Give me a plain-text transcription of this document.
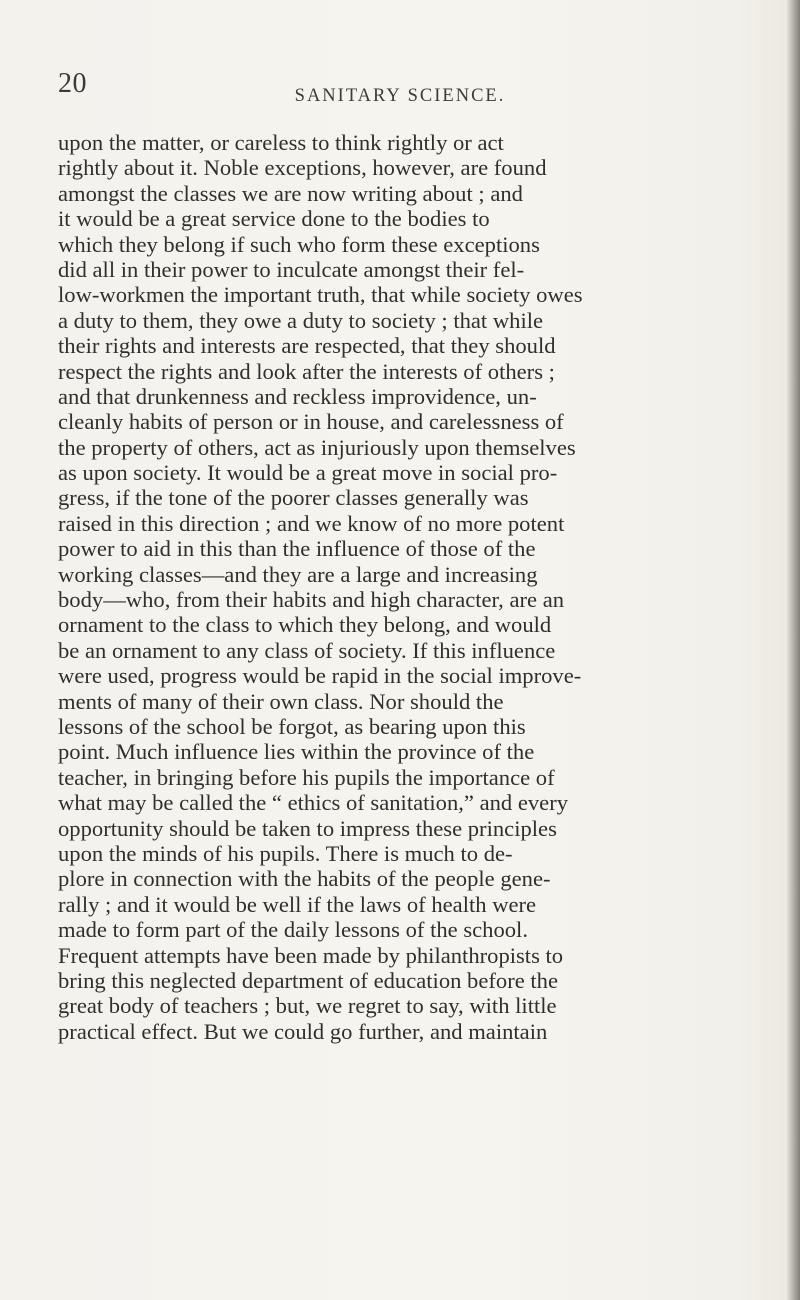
20	SANITARY SCIENCE.
upon the matter, or careless to think rightly or act
rightly about it. Noble exceptions, however, are found
amongst the classes we are now writing about ; and
it would be a great service done to the bodies to
which they belong if such who form these exceptions
did all in their power to inculcate amongst their fel-
low-workmen the important truth, that while society owes
a duty to them, they owe a duty to society ; that while
their rights and interests are respected, that they should
respect the rights and look after the interests of others ;
and that drunkenness and reckless improvidence, un-
cleanly habits of person or in house, and carelessness of
the property of others, act as injuriously upon themselves
as upon society. It would be a great move in social pro-
gress, if the tone of the poorer classes generally was
raised in this direction ; and we know of no more potent
power to aid in this than the influence of those of the
working classes—and they are a large and increasing
body—who, from their habits and high character, are an
ornament to the class to which they belong, and would
be an ornament to any class of society. If this influence
were used, progress would be rapid in the social improve-
ments of many of their own class. Nor should the
lessons of the school be forgot, as bearing upon this
point. Much influence lies within the province of the
teacher, in bringing before his pupils the importance of
what may be called the “ ethics of sanitation,” and every
opportunity should be taken to impress these principles
upon the minds of his pupils. There is much to de-
plore in connection with the habits of the people gene-
rally ; and it would be well if the laws of health were
made to form part of the daily lessons of the school.
Frequent attempts have been made by philanthropists to
bring this neglected department of education before the
great body of teachers ; but, we regret to say, with little
practical effect. But we could go further, and maintain
